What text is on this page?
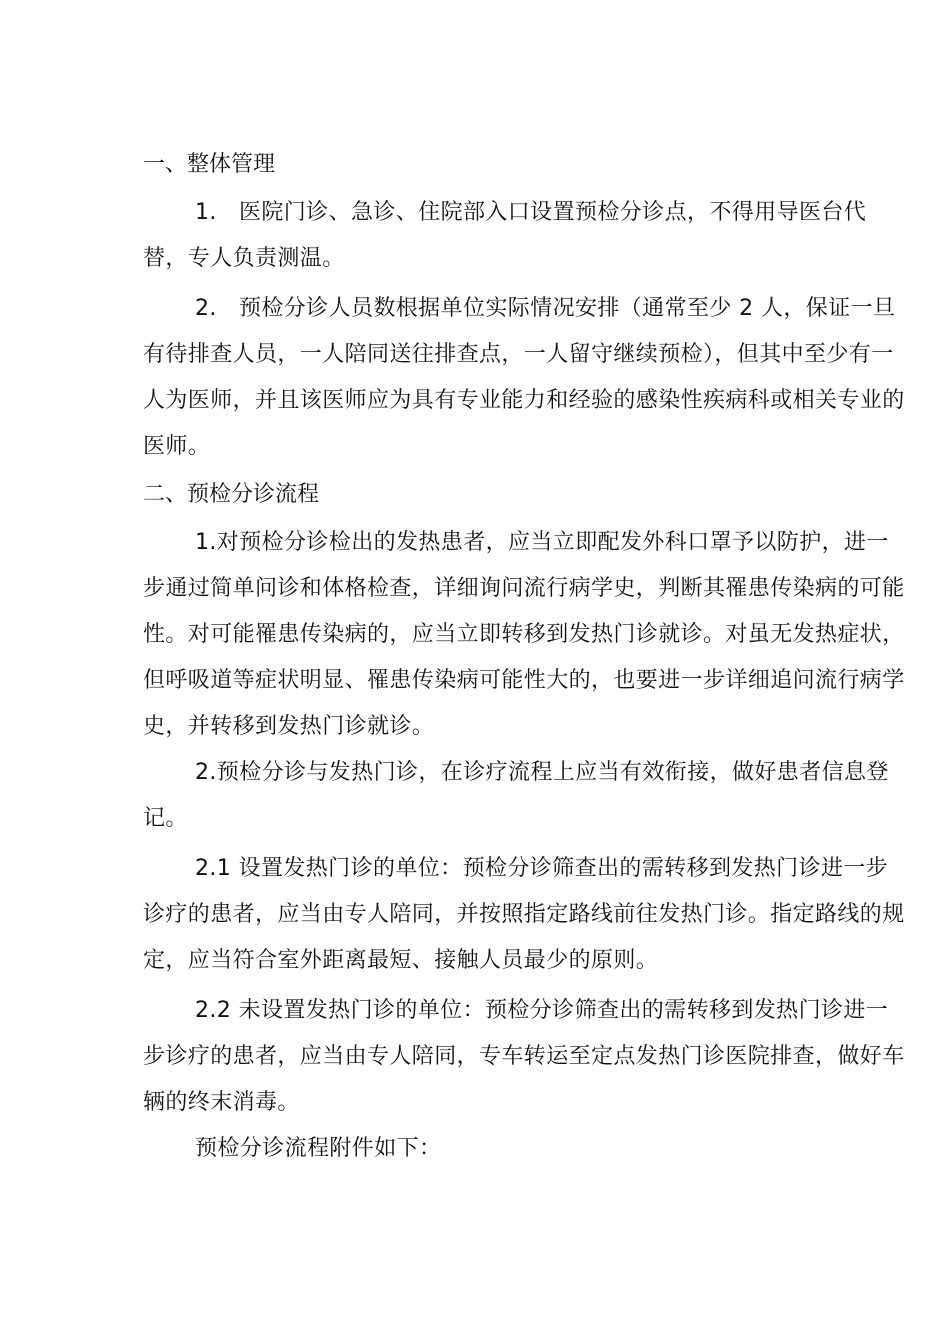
一、整体管理

1.   医院门诊、急诊、住院部入口设置预检分诊点，不得用导医台代替，专人负责测温。

2.   预检分诊人员数根据单位实际情况安排（通常至少 2 人，保证一旦有待排查人员，一人陪同送往排查点，一人留守继续预检），但其中至少有一人为医师，并且该医师应为具有专业能力和经验的感染性疾病科或相关专业的医师。

二、预检分诊流程

1.对预检分诊检出的发热患者，应当立即配发外科口罩予以防护，进一步通过简单问诊和体格检查，详细询问流行病学史，判断其罹患传染病的可能性。对可能罹患传染病的，应当立即转移到发热门诊就诊。对虽无发热症状，但呼吸道等症状明显、罹患传染病可能性大的，也要进一步详细追问流行病学史，并转移到发热门诊就诊。

2.预检分诊与发热门诊，在诊疗流程上应当有效衔接，做好患者信息登记。

2.1 设置发热门诊的单位：预检分诊筛查出的需转移到发热门诊进一步诊疗的患者，应当由专人陪同，并按照指定路线前往发热门诊。指定路线的规定，应当符合室外距离最短、接触人员最少的原则。

2.2 未设置发热门诊的单位：预检分诊筛查出的需转移到发热门诊进一步诊疗的患者，应当由专人陪同，专车转运至定点发热门诊医院排查，做好车辆的终末消毒。

预检分诊流程附件如下：
